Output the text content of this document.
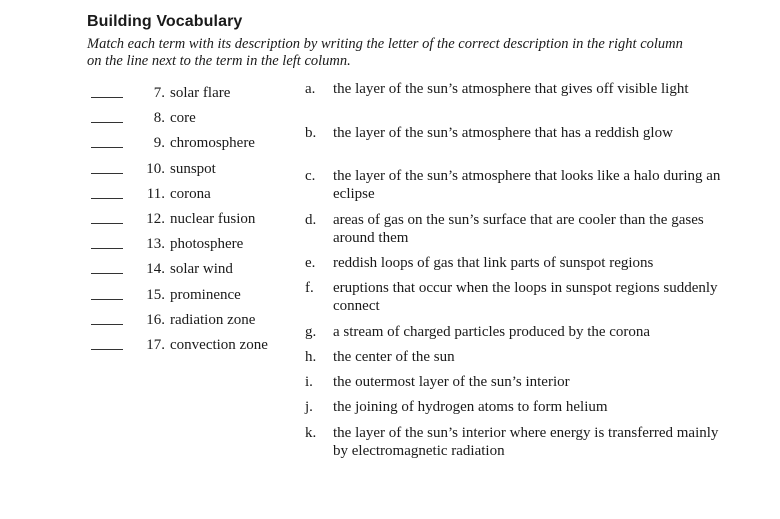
Building Vocabulary
Match each term with its description by writing the letter of the correct description in the right column on the line next to the term in the left column.
7. solar flare
8. core
9. chromosphere
10. sunspot
11. corona
12. nuclear fusion
13. photosphere
14. solar wind
15. prominence
16. radiation zone
17. convection zone
a.	the layer of the sun’s atmosphere that gives off visible light
b.	the layer of the sun’s atmosphere that has a reddish glow
c.	the layer of the sun’s atmosphere that looks like a halo during an eclipse
d.	areas of gas on the sun’s surface that are cooler than the gases around them
e.	reddish loops of gas that link parts of sunspot regions
f.	eruptions that occur when the loops in sunspot regions suddenly connect
g.	a stream of charged particles produced by the corona
h.	the center of the sun
i.	the outermost layer of the sun’s interior
j.	the joining of hydrogen atoms to form helium
k.	the layer of the sun’s interior where energy is transferred mainly by electromagnetic radiation
